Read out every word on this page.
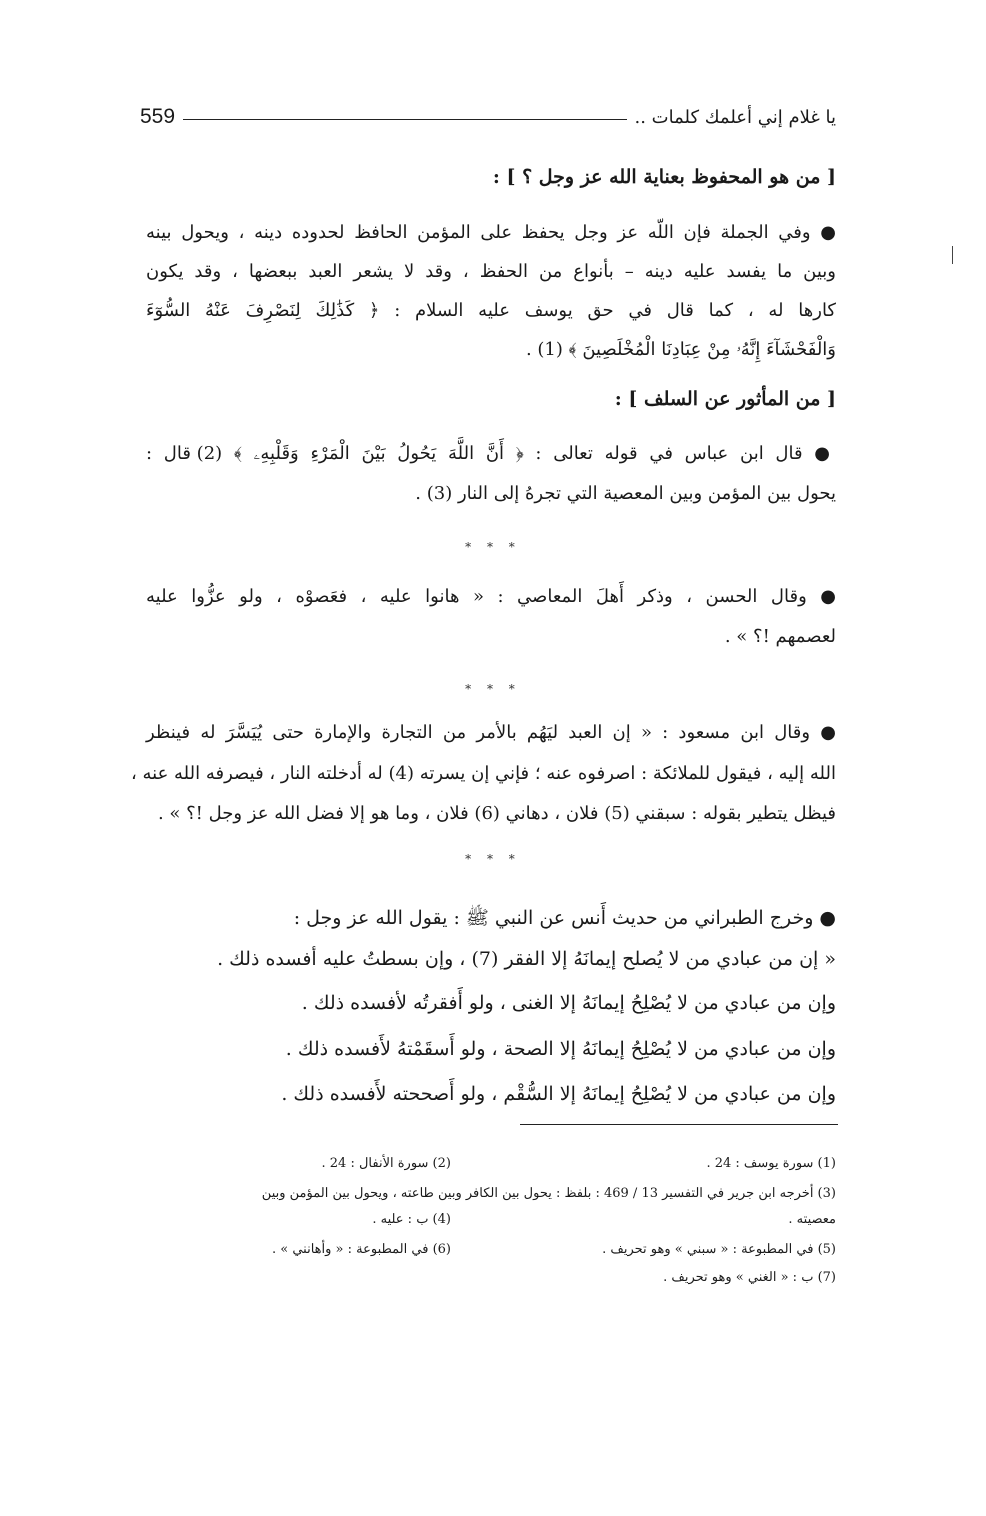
559	يا غلام إني أعلمك كلمات ..
[ من هو المحفوظ بعناية الله عز وجل ؟ ] :
● وفي الجملة فإن اللّه عز وجل يحفظ على المؤمن الحافظ لحدوده دينه ، ويحول بينه
وبين ما يفسد عليه دينه – بأنواع من الحفظ ، وقد لا يشعر العبد ببعضها ، وقد يكون
كارها له ، كما قال في حق يوسف عليه السلام : ﴿ كَذَٰلِكَ لِنَصْرِفَ عَنْهُ السُّوٓءَ
وَالْفَحْشَآءَ إِنَّهُۥ مِنْ عِبَادِنَا الْمُخْلَصِينَ ﴾ (1) .
[ من المأثور عن السلف ] :
● قال ابن عباس في قوله تعالى : ﴿ أَنَّ اللَّهَ يَحُولُ بَيْنَ الْمَرْءِ وَقَلْبِهِۦ ﴾ (2) قال :
يحول بين المؤمن وبين المعصية التي تجرهُ إلى النار (3) .
* * *
● وقال الحسن ، وذكر أَهلَ المعاصي : « هانوا عليه ، فعَصوْه ، ولو عزُّوا عليه
لعصمهم !؟ » .
* * *
● وقال ابن مسعود : « إن العبد ليَهُم بالأمر من التجارة والإمارة حتى يُيَسَّرَ له فينظر
الله إليه ، فيقول للملائكة : اصرفوه عنه ؛ فإني إن يسرته (4) له أدخلته النار ، فيصرفه الله عنه ،
فيظل يتطير بقوله : سبقني (5) فلان ، دهاني (6) فلان ، وما هو إلا فضل الله عز وجل !؟ » .
* * *
● وخرج الطبراني من حديث أَنس عن النبي ﷺ : يقول الله عز وجل :
« إن من عبادي من لا يُصلح إيمانَهُ إلا الفقر (7) ، وإن بسطتُ عليه أفسده ذلك .
وإن من عبادي من لا يُصْلِحُ إيمانَهُ إلا الغنى ، ولو أَفقرتُه لأفسده ذلك .
وإن من عبادي من لا يُصْلِحُ إيمانَهُ إلا الصحة ، ولو أَسقَمْتهُ لأَفسده ذلك .
وإن من عبادي من لا يُصْلِحُ إيمانَهُ إلا السُّقْم ، ولو أَصححته لأَفسده ذلك .
(1) سورة يوسف : 24 .
(2) سورة الأنفال : 24 .
(3) أخرجه ابن جرير في التفسير 13 / 469 : بلفظ : يحول بين الكافر وبين طاعته ، ويحول بين المؤمن وبين
معصيته .
(4) ب : عليه .
(5) في المطبوعة : « سبني » وهو تحريف .
(6) في المطبوعة : « وأهانني » .
(7) ب : « الغني » وهو تحريف .
